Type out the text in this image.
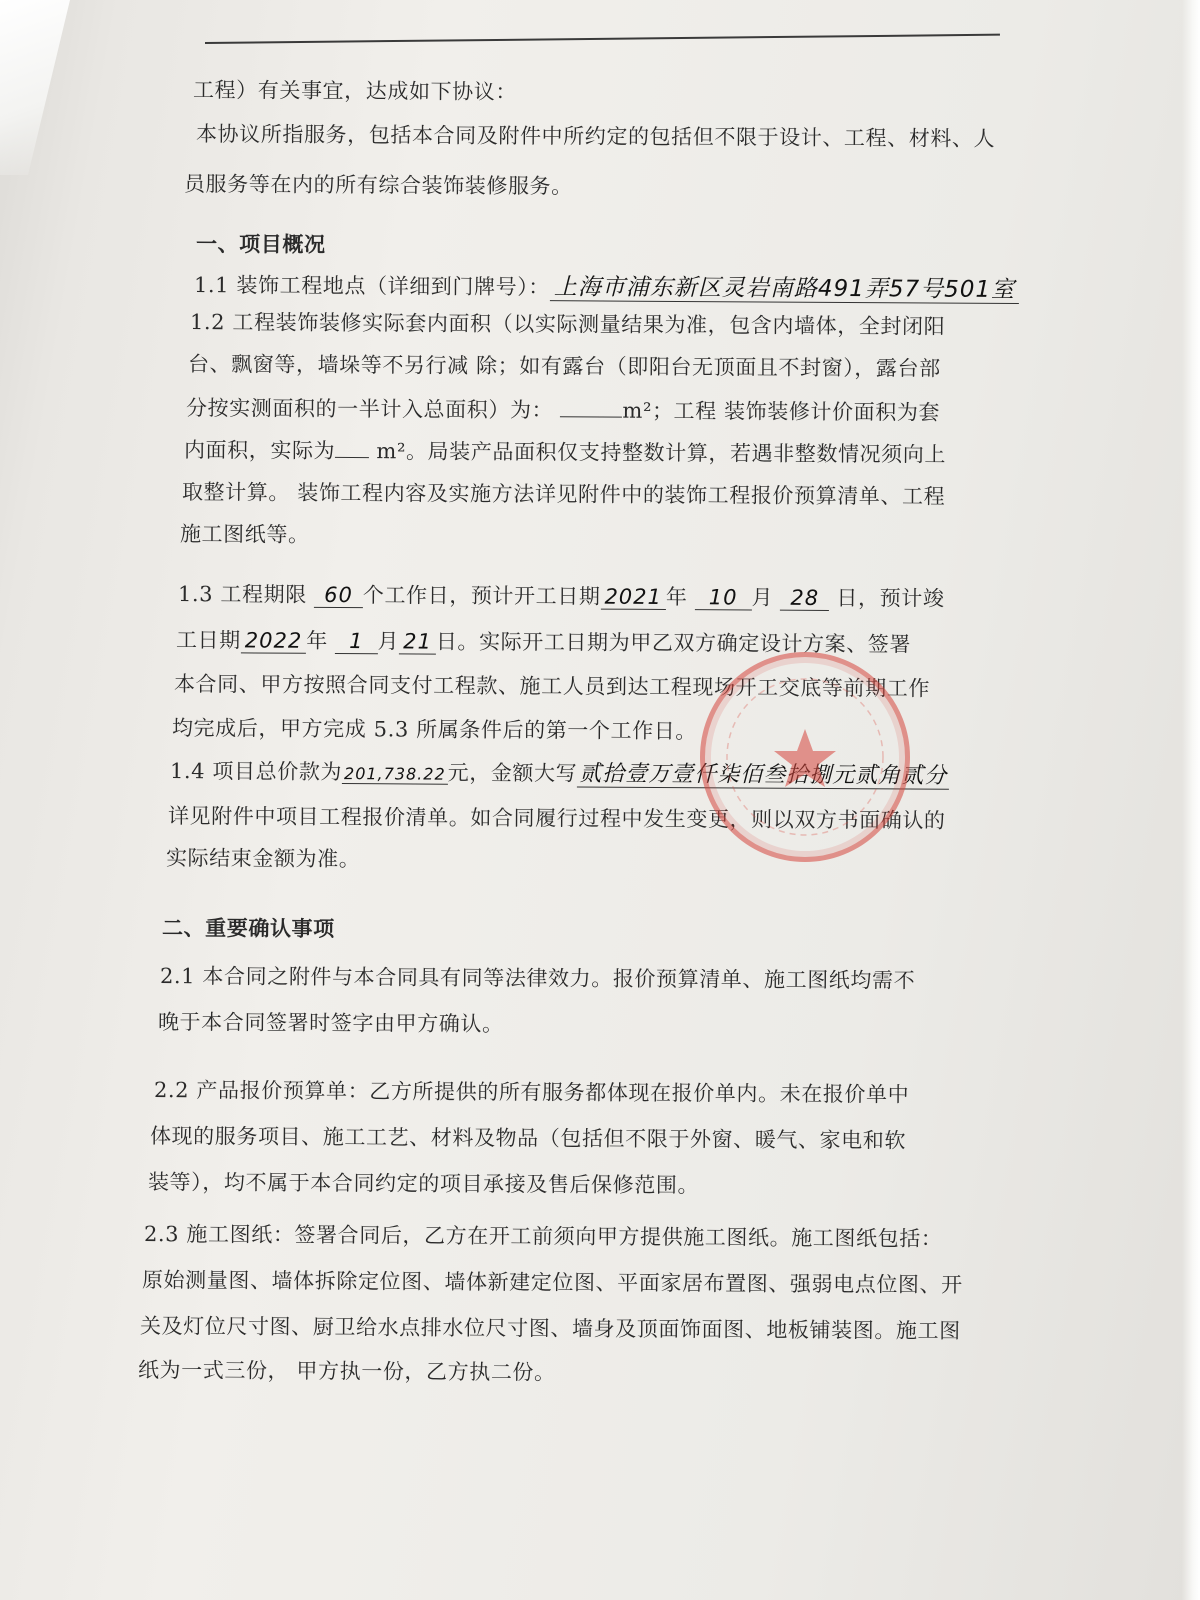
工程）有关事宜，达成如下协议：
本协议所指服务，包括本合同及附件中所约定的包括但不限于设计、工程、材料、人
员服务等在内的所有综合装饰装修服务。
一、项目概况
1.1 装饰工程地点（详细到门牌号）： 上海市浦东新区灵岩南路491弄57号501室
1.2 工程装饰装修实际套内面积（以实际测量结果为准，包含内墙体，全封闭阳
台、飘窗等，墙垛等不另行减 除；如有露台（即阳台无顶面且不封窗），露台部
分按实测面积的一半计入总面积）为：	m²；工程 装饰装修计价面积为套
内面积，实际为 m²。局装产品面积仅支持整数计算，若遇非整数情况须向上
取整计算。 装饰工程内容及实施方法详见附件中的装饰工程报价预算清单、工程
施工图纸等。
1.3 工程期限 60 个工作日，预计开工日期 2021 年 10 月 28 日，预计竣
工日期 2022 年 1 月 21 日。实际开工日期为甲乙双方确定设计方案、签署
本合同、甲方按照合同支付工程款、施工人员到达工程现场开工交底等前期工作
均完成后，甲方完成 5.3 所属条件后的第一个工作日。
1.4 项目总价款为 201,738.22元，金额大写贰拾壹万壹仟柒佰叁拾捌元贰角贰分
详见附件中项目工程报价清单。如合同履行过程中发生变更，则以双方书面确认的
实际结束金额为准。
二、重要确认事项
2.1 本合同之附件与本合同具有同等法律效力。报价预算清单、施工图纸均需不
晚于本合同签署时签字由甲方确认。
2.2 产品报价预算单：乙方所提供的所有服务都体现在报价单内。未在报价单中
体现的服务项目、施工工艺、材料及物品（包括但不限于外窗、暖气、家电和软
装等），均不属于本合同约定的项目承接及售后保修范围。
2.3 施工图纸：签署合同后，乙方在开工前须向甲方提供施工图纸。施工图纸包括：
原始测量图、墙体拆除定位图、墙体新建定位图、平面家居布置图、强弱电点位图、开
关及灯位尺寸图、厨卫给水点排水位尺寸图、墙身及顶面饰面图、地板铺装图。施工图
纸为一式三份， 甲方执一份，乙方执二份。
